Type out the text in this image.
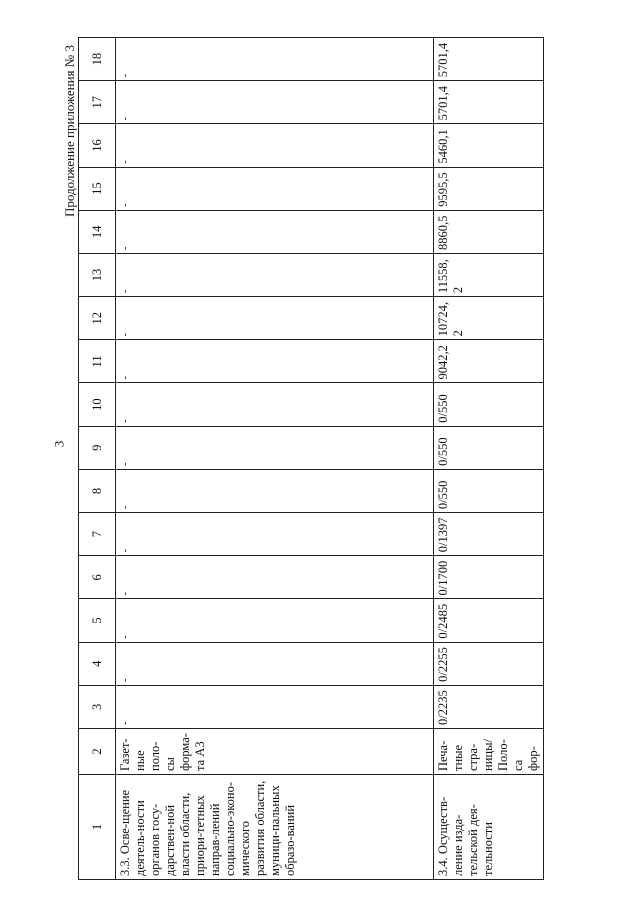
3
Продолжение приложения № 3
1	2	3	4	5	6	7	8	9	10	11	12	13	14	15	16	17	18
3.3. Осве-щение деятель-ности органов госу-дарствен-ной власти области, приори-тетных направ-лений социально-эконо-мического развития области, муници-пальных образо-ваний	Газет-ные поло-сы форма-та А3	-	-	-	-	-	-	-	-	-	-	-	-	-	-	-	-
3.4. Осуществ-ление изда-тельской дея-тельности	Печа-тные стра-ницы/ Поло-са фор-	0/2235	0/2255	0/2485	0/1700	0/1397	0/550	0/550	0/550	9042,2	10724,2	11558,2	8860,5	9595,5	5460,1	5701,4	5701,4
